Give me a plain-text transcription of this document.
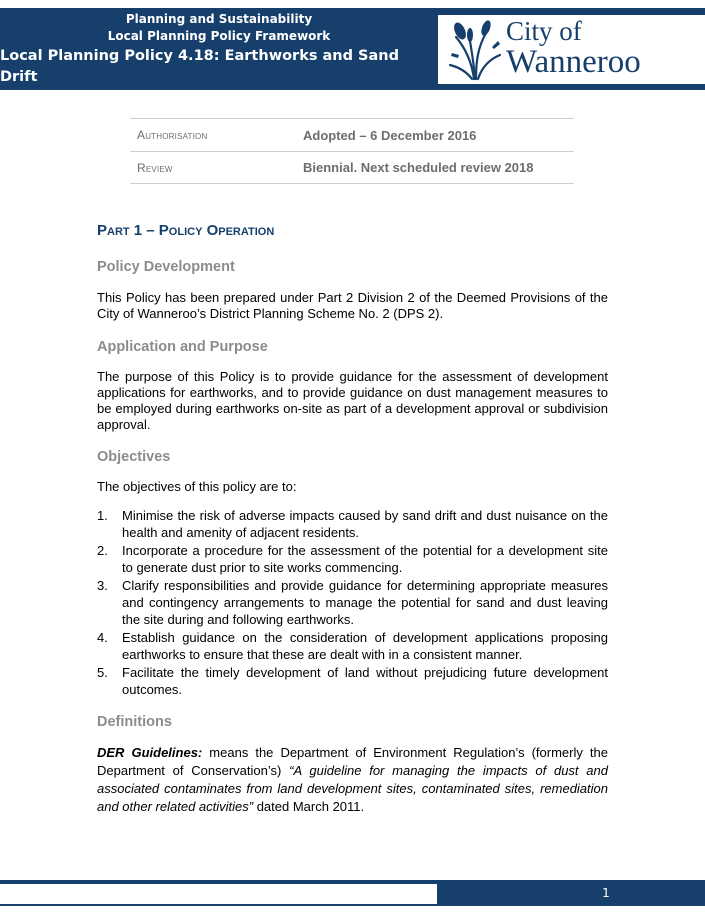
Planning and Sustainability
Local Planning Policy Framework
Local Planning Policy 4.18: Earthworks and Sand Drift
City of
Wanneroo
Authorisation	Adopted – 6 December 2016
Review	Biennial. Next scheduled review 2018
Part 1 – Policy Operation
Policy Development

This Policy has been prepared under Part 2 Division 2 of the Deemed Provisions of the City of Wanneroo’s District Planning Scheme No. 2 (DPS 2).

Application and Purpose

The purpose of this Policy is to provide guidance for the assessment of development applications for earthworks, and to provide guidance on dust management measures to be employed during earthworks on-site as part of a development approval or subdivision approval.

Objectives

The objectives of this policy are to:

1.	Minimise the risk of adverse impacts caused by sand drift and dust nuisance on the health and amenity of adjacent residents.
2.	Incorporate a procedure for the assessment of the potential for a development site to generate dust prior to site works commencing.
3.	Clarify responsibilities and provide guidance for determining appropriate measures and contingency arrangements to manage the potential for sand and dust leaving the site during and following earthworks.
4.	Establish guidance on the consideration of development applications proposing earthworks to ensure that these are dealt with in a consistent manner.
5.	Facilitate the timely development of land without prejudicing future development outcomes.
Definitions

DER Guidelines: means the Department of Environment Regulation’s (formerly the Department of Conservation’s) “A guideline for managing the impacts of dust and associated contaminates from land development sites, contaminated sites, remediation and other related activities” dated March 2011.

1
